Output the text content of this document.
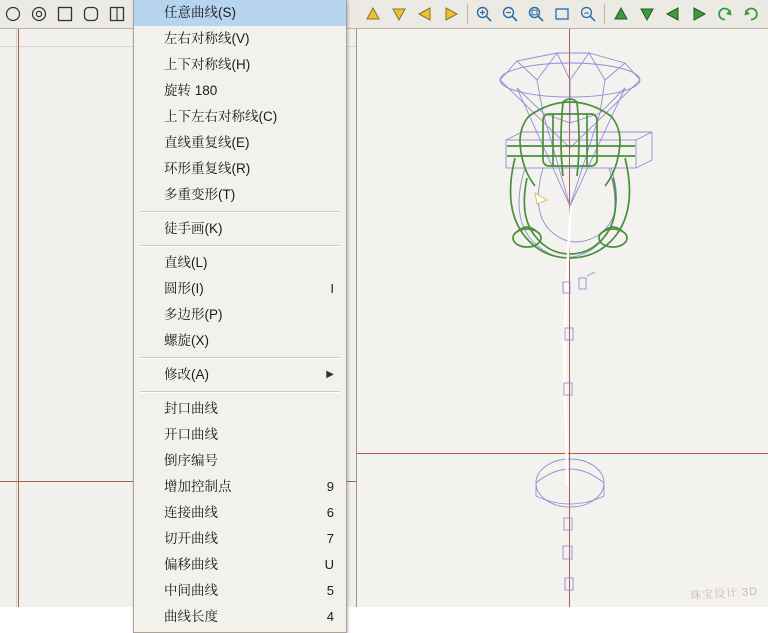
珠宝设计 3D
任意曲线(S)
左右对称线(V)
上下对称线(H)
旋转 180
上下左右对称线(C)
直线重复线(E)
环形重复线(R)
多重变形(T)
徒手画(K)
直线(L)
圆形(I)	I
多边形(P)
螺旋(X)
修改(A)	▶
封口曲线
开口曲线
倒序编号
增加控制点	9
连接曲线	6
切开曲线	7
偏移曲线	U
中间曲线	5
曲线长度	4
